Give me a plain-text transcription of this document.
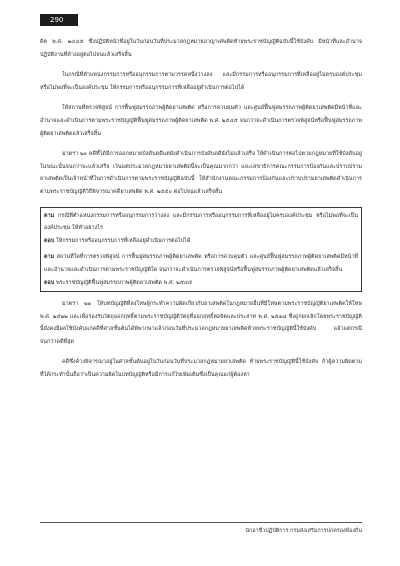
290

ดิต พ.ศ. ๒๔๔๕ ซึ่งปฏิบัติหน้าที่อยู่ในวันก่อนวันที่ประมวลกฎหมายอาญาเศษติดท้ายพระราชบัญญัติฉบับนี้ใช้บังคับ มีหน้าที่และอำนาจปฏิบัติงานที่ค้างอยู่ต่อไปจนแล้วเสร็จสิ้น

ในกรณีที่ตำแหน่งกรรมการหรืออนุกรรมการตามวรรคหนึ่งว่างลง และมีกรรมการหรืออนุกรรมการที่เหลืออยู่ไม่ครบองค์ประชุม หรือไม่พอที่จะเป็นองค์ประชุม ให้กรรมการหรืออนุกรรมการที่เหลืออยู่ดำเนินการต่อไปได้

ให้สถานที่ตรวจพิสูจน์ การฟื้นฟูสมรรถภาพผู้ติดยาเสพติด หรือการควบคุมตัว และศูนย์ฟื้นฟูสมรรถภาพผู้ติดยาเสพติดมีหน้าที่และอำนาจและดำเนินการตามพระราชบัญญัติฟื้นฟูสมรรถภาพผู้ติดยาเสพติด พ.ศ. ๒๕๔๕ จนกว่าจะดำเนินการตรวจพิสูจน์หรือฟื้นฟูสมรรถภาพผู้ติดยาเสพติดแล้วเสร็จสิ้น

มาตรา ๒๐ คดีที่ได้มีการออกหมายบังคับคดีแต่ยังดำเนินการบังคับคดียังไม่แล้วเสร็จ ให้ดำเนินการต่อไปตามกฎหมายที่ใช้บังคับอยู่ในขณะนั้นจนกว่าจะแล้วเสร็จ เว้นแต่ประมวลกฎหมายยาเสพติดนี้จะเป็นคุณมากกว่า และเลขาธิการคณะกรรมการป้องกันและปราบปรามยาเสพติดเป็นเจ้าหน้าที่ในการดำเนินการตามพระราชบัญญัติฉบับนี้ ให้สำนักงานคณะกรรมการป้องกันและปราบปรามยาเสพติดดำเนินการตามพระราชบัญญัติวิธีพิจารณาคดียาเสพติด พ.ศ. ๒๕๕๐ ต่อไปจนแล้วเสร็จสิ้น

ตาม กรณีที่ตำแหน่งกรรมการหรืออนุกรรมการว่างลง และมีกรรมการหรืออนุกรรมการที่เหลืออยู่ไม่ครบองค์ประชุม หรือไม่พอที่จะเป็นองค์ประชุม ให้ทำอย่างไร

ตอบ ให้กรรมการหรืออนุกรรมการที่เหลืออยู่ดำเนินการต่อไปได้

ตาม สถานที่ใดที่การตรวจพิสูจน์ การฟื้นฟูสมรรถภาพผู้ติดยาเสพติด หรือการควบคุมตัว และศูนย์ฟื้นฟูสมรรถภาพผู้ติดยาเสพติดมีหน้าที่และอำนาจและดำเนินการตามพระราชบัญญัติใด จนกว่าจะดำเนินการตรวจพิสูจน์หรือฟื้นฟูสมรรถภาพผู้ติดยาเสพติดแล้วเสร็จสิ้น

ตอบ พระราชบัญญัติฟื้นฟูสมรรถภาพผู้ติดยาเสพติด พ.ศ. ๒๕๔๕

มาตรา ๒๑ ให้บทบัญญัติที่ลงโทษผู้กระทำความผิดเกี่ยวกับยาเสพติดในกฎหมายอื่นที่มีโทษตามพระราชบัญญัติยาเสพติดให้โทษ พ.ศ. ๒๕๒๒ และเพื่อรองรับวัตถุออกฤทธิ์ตามพระราชบัญญัติวัตถุที่ออกฤทธิ์ต่อจิตและประสาท พ.ศ. ๒๕๑๘ ซึ่งถูกยกเลิกโดยพระราชบัญญัตินี้ยังคงมีผลใช้บังคับแก่คดีที่ศาลชั้นต้นได้พิพากษาแล้วก่อนวันที่ประมวลกฎหมายยาเสพติดท้ายพระราชบัญญัตินี้ใช้บังคับ แล้วแต่กรณี จนกว่าคดีที่สุด

คดีซึ่งค้างพิจารณาอยู่ในศาลชั้นต้นอยู่ในวันก่อนวันที่ประมวลกฎหมายยาเสพติด ท้ายพระราชบัญญัตินี้ใช้บังคับ ถ้าผู้ความผิดตามที่ได้กระทำนั้นถือว่าเป็นความผิดในบทบัญญัติหรือมีการแก้ไขเพิ่มเติมซึ่งเป็นคุณแก่ผู้ต้องหา

นักอาชีวปฏิบัติการ กรมส่งเสริมการปกครองท้องถิ่น
